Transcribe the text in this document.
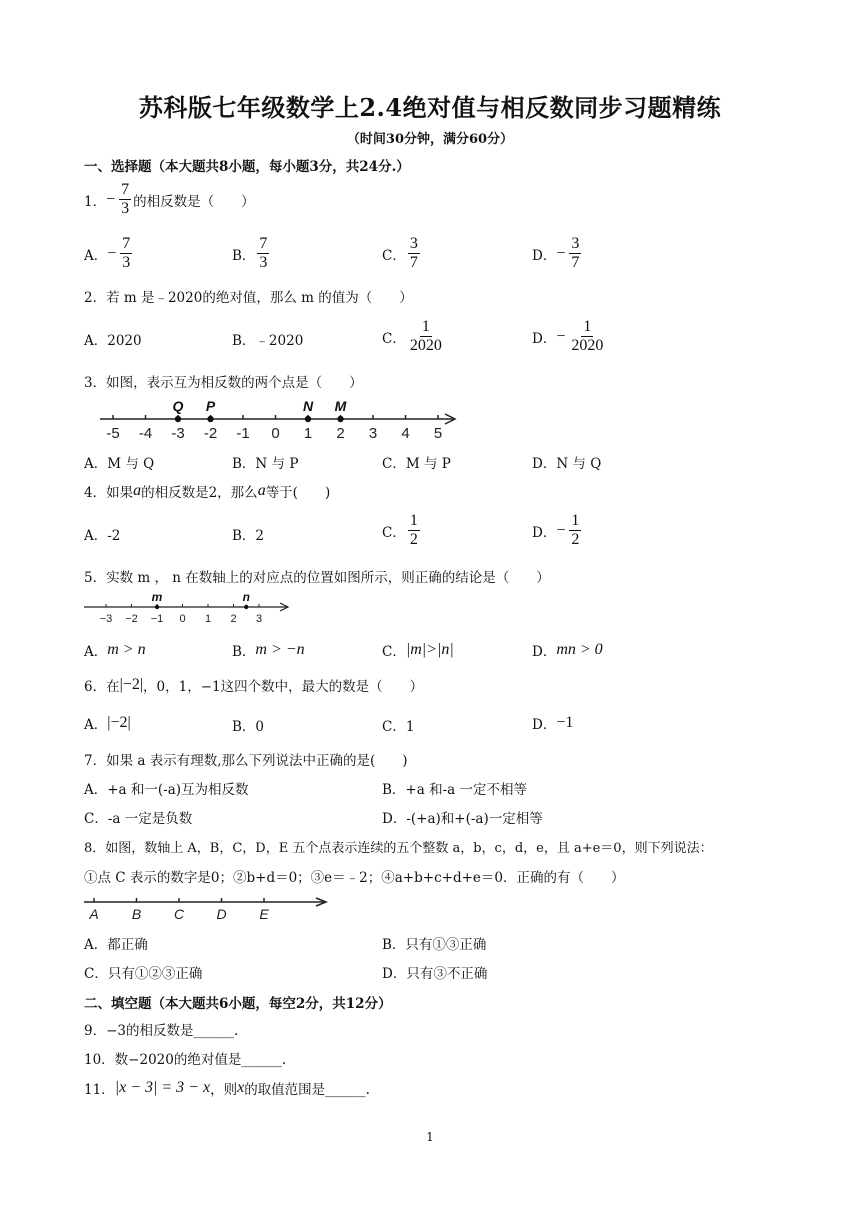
苏科版七年级数学上2.4绝对值与相反数同步习题精练
（时间30分钟，满分60分）
一、选择题（本大题共8小题，每小题3分，共24分.）
1． − $\frac{7}{3}$ 的相反数是（　　）
A． − $\frac{7}{3}$	B． $\frac{7}{3}$	C． $\frac{3}{7}$	D． − $\frac{3}{7}$
2．若 m 是﹣2020的绝对值，那么 m 的值为（　　）
A．2020	B．﹣2020	C． $\frac{1}{2020}$	D． − $\frac{1}{2020}$
3．如图，表示互为相反数的两个点是（　　）
-5 -4 -3 -2 -1 0 1 2 3 4 5
Q P	N M
A．M 与 Q	B．N 与 P	C．M 与 P	D．N 与 Q
4．如果 a 的相反数是2，那么 a 等于(　　)
A．-2	B．2	C． $\frac{1}{2}$	D． − $\frac{1}{2}$
5．实数 m ， n 在数轴上的对应点的位置如图所示，则正确的结论是（　　）
−3 −2 −1 0 1 2 3
m	n
A． m > n	B． m > −n	C． |m|>|n|	D． mn > 0
6．在 |−2| ，0，1，−1这四个数中，最大的数是（　　）
A． |−2|	B．0	C．1	D． −1
7．如果 a 表示有理数,那么下列说法中正确的是(　　)
A．+a 和一(-a)互为相反数	B．+a 和-a 一定不相等
C．-a 一定是负数	D．-(+a)和+(-a)一定相等
8．如图，数轴上 A，B，C，D，E 五个点表示连续的五个整数 a，b，c，d，e，且 a+e＝0，则下列说法：
①点 C 表示的数字是0；②b+d＝0；③e＝﹣2；④a+b+c+d+e＝0．正确的有（　　）
A B C D E
A．都正确	B．只有①③正确
C．只有①②③正确	D．只有③不正确
二、填空题（本大题共6小题，每空2分，共12分）
9．−3的相反数是______.
10．数−2020的绝对值是______.
11． |x − 3| = 3 − x ，则 x 的取值范围是______.
1
